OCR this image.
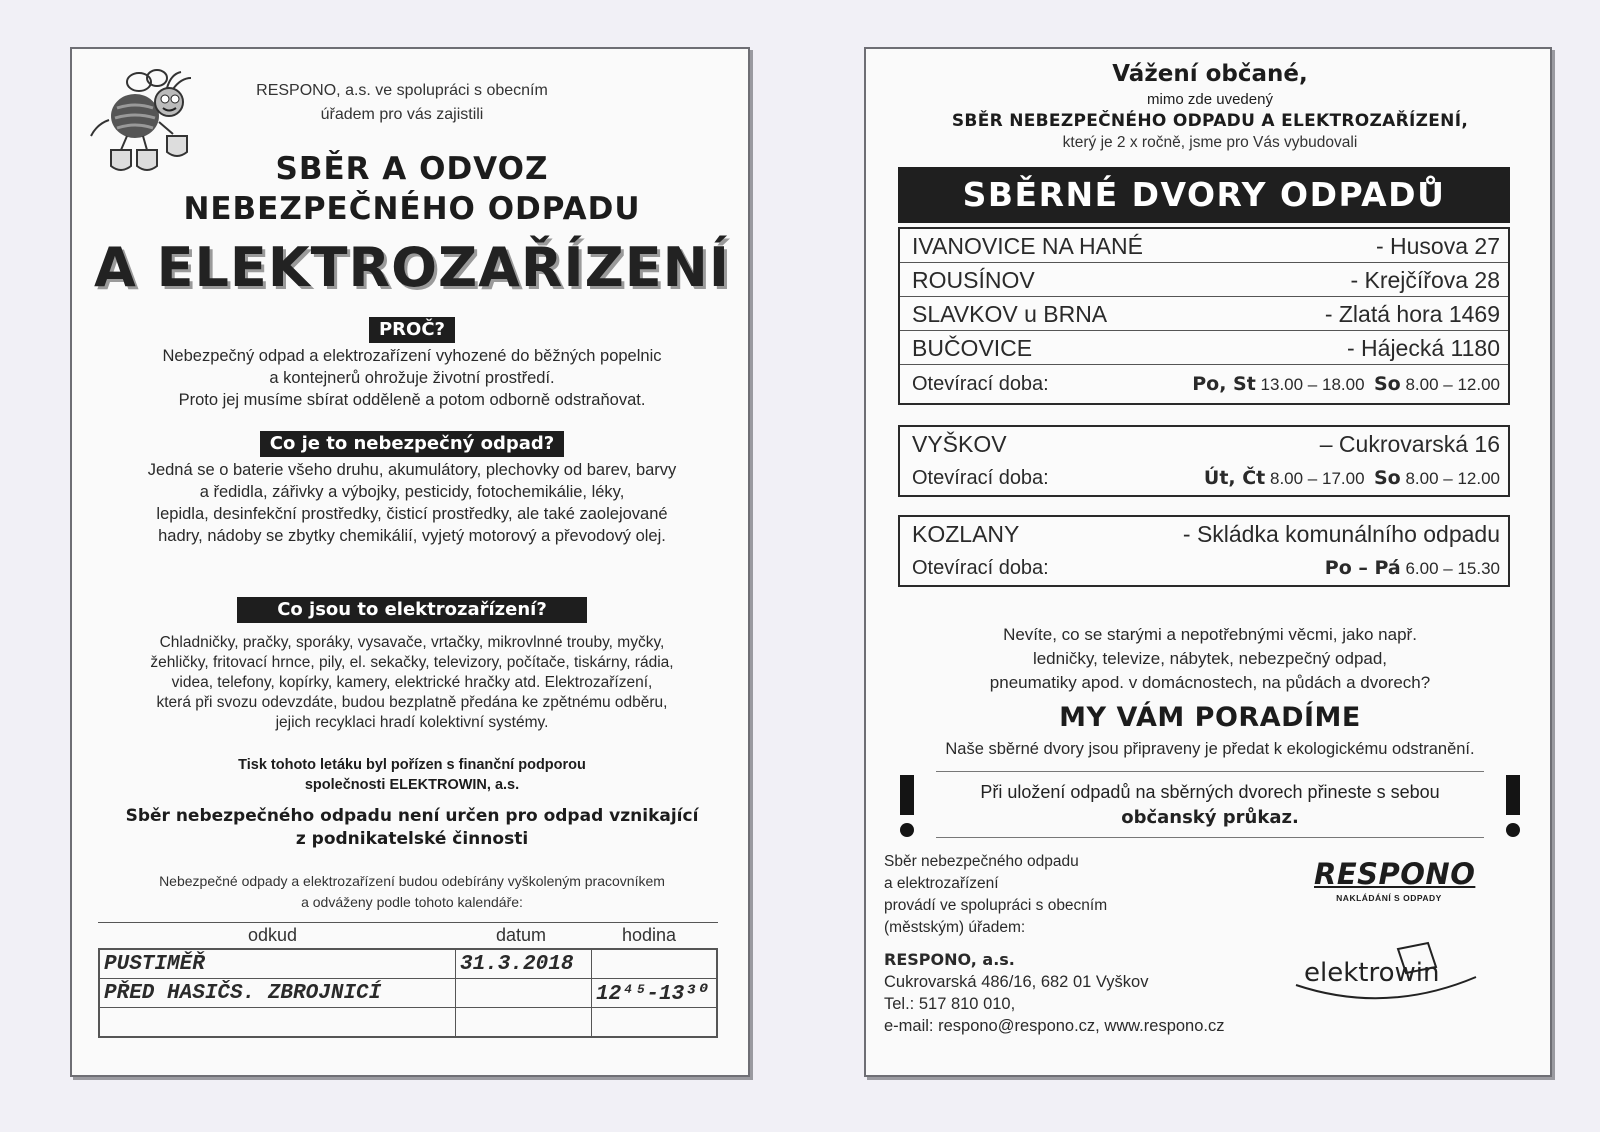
RESPONO, a.s. ve spolupráci s obecním
úřadem pro vás zajistili
SBĚR A ODVOZ
NEBEZPEČNÉHO ODPADU
A ELEKTROZAŘÍZENÍ
PROČ?
Nebezpečný odpad a elektrozařízení vyhozené do běžných popelnic
a kontejnerů ohrožuje životní prostředí.
Proto jej musíme sbírat odděleně a potom odborně odstraňovat.
Co je to nebezpečný odpad?
Jedná se o baterie všeho druhu, akumulátory, plechovky od barev, barvy
a ředidla, zářivky a výbojky, pesticidy, fotochemikálie, léky,
lepidla, desinfekční prostředky, čisticí prostředky, ale také zaolejované
hadry, nádoby se zbytky chemikálií, vyjetý motorový a převodový olej.
Co jsou to elektrozařízení?
Chladničky, pračky, sporáky, vysavače, vrtačky, mikrovlnné trouby, myčky,
žehličky, fritovací hrnce, pily, el. sekačky, televizory, počítače, tiskárny, rádia,
videa, telefony, kopírky, kamery, elektrické hračky atd. Elektrozařízení,
která při svozu odevzdáte, budou bezplatně předána ke zpětnému odběru,
jejich recyklaci hradí kolektivní systémy.
Tisk tohoto letáku byl pořízen s finanční podporou
společnosti ELEKTROWIN, a.s.
Sběr nebezpečného odpadu není určen pro odpad vznikající
z podnikatelské činnosti
Nebezpečné odpady a elektrozařízení budou odebírány vyškoleným pracovníkem
a odváženy podle tohoto kalendáře:
odkud	datum	hodina
PUSTIMĚŘ	31.3.2018	
PŘED HASIČS. ZBROJNICÍ		12⁴⁵-13³⁰

Vážení občané,
mimo zde uvedený
SBĚR NEBEZPEČNÉHO ODPADU A ELEKTROZAŘÍZENÍ,
který je 2 x ročně, jsme pro Vás vybudovali
SBĚRNÉ DVORY ODPADŮ
IVANOVICE NA HANÉ	- Husova 27
ROUSÍNOV	- Krejčířova 28
SLAVKOV u BRNA	- Zlatá hora 1469
BUČOVICE	- Hájecká 1180
Otevírací doba:	Po, St 13.00 – 18.00 So 8.00 – 12.00
VYŠKOV	– Cukrovarská 16
Otevírací doba:	Út, Čt 8.00 – 17.00 So 8.00 – 12.00
KOZLANY	- Skládka komunálního odpadu
Otevírací doba:	Po – Pá 6.00 – 15.30
Nevíte, co se starými a nepotřebnými věcmi, jako např.
ledničky, televize, nábytek, nebezpečný odpad,
pneumatiky apod. v domácnostech, na půdách a dvorech?
MY VÁM PORADÍME
Naše sběrné dvory jsou připraveny je předat k ekologickému odstranění.
Při uložení odpadů na sběrných dvorech přineste s sebou
občanský průkaz.
Sběr nebezpečného odpadu
a elektrozařízení
provádí ve spolupráci s obecním
(městským) úřadem:
RESPONO, a.s.
Cukrovarská 486/16, 682 01 Vyškov
Tel.: 517 810 010,
e-mail: respono@respono.cz, www.respono.cz
RESPONO
NAKLÁDÁNÍ S ODPADY
elektrowin
